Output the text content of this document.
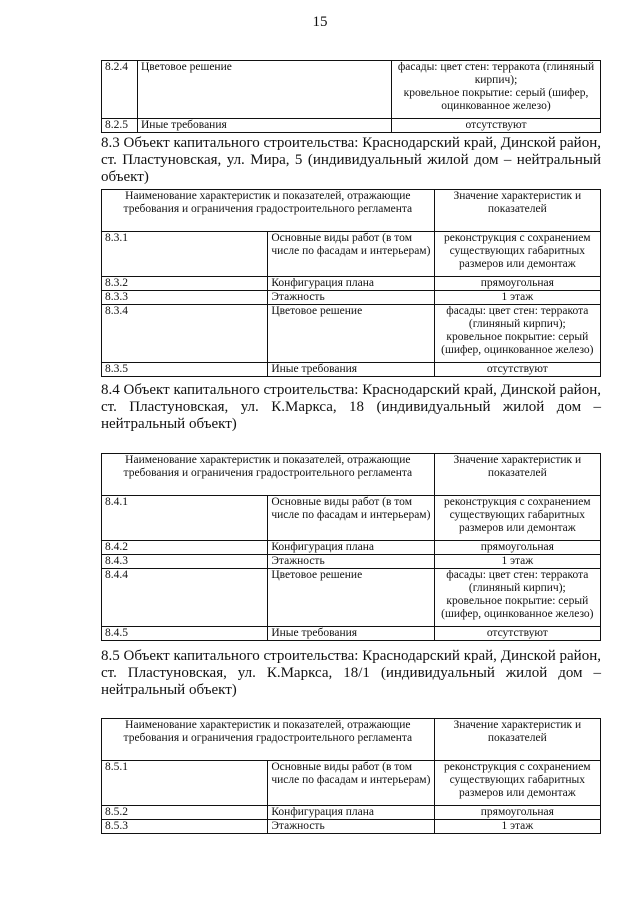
15
8.2.4	Цветовое решение	фасады: цвет стен: терракота (глиняный кирпич);
кровельное покрытие: серый (шифер, оцинкованное железо)
8.2.5	Иные требования	отсутствуют

8.3 Объект капитального строительства: Краснодарский край, Динской район, ст. Пластуновская, ул. Мира, 5 (индивидуальный жилой дом – нейтральный объект)

Наименование характеристик и показателей, отражающие требования и ограничения градостроительного регламента		Значение характеристик и показателей
8.3.1	Основные виды работ (в том числе по фасадам и интерьерам)	реконструкция с сохранением существующих габаритных размеров или демонтаж
8.3.2	Конфигурация плана	прямоугольная
8.3.3	Этажность	1 этаж
8.3.4	Цветовое решение	фасады: цвет стен: терракота (глиняный кирпич);
кровельное покрытие: серый (шифер, оцинкованное железо)
8.3.5	Иные требования	отсутствуют

8.4 Объект капитального строительства: Краснодарский край, Динской район, ст. Пластуновская, ул. К.Маркса, 18 (индивидуальный жилой дом – нейтральный объект)

Наименование характеристик и показателей, отражающие требования и ограничения градостроительного регламента		Значение характеристик и показателей
8.4.1	Основные виды работ (в том числе по фасадам и интерьерам)	реконструкция с сохранением существующих габаритных размеров или демонтаж
8.4.2	Конфигурация плана	прямоугольная
8.4.3	Этажность	1 этаж
8.4.4	Цветовое решение	фасады: цвет стен: терракота (глиняный кирпич);
кровельное покрытие: серый (шифер, оцинкованное железо)
8.4.5	Иные требования	отсутствуют

8.5 Объект капитального строительства: Краснодарский край, Динской район, ст. Пластуновская, ул. К.Маркса, 18/1 (индивидуальный жилой дом – нейтральный объект)

Наименование характеристик и показателей, отражающие требования и ограничения градостроительного регламента		Значение характеристик и показателей
8.5.1	Основные виды работ (в том числе по фасадам и интерьерам)	реконструкция с сохранением существующих габаритных размеров или демонтаж
8.5.2	Конфигурация плана	прямоугольная
8.5.3	Этажность	1 этаж
